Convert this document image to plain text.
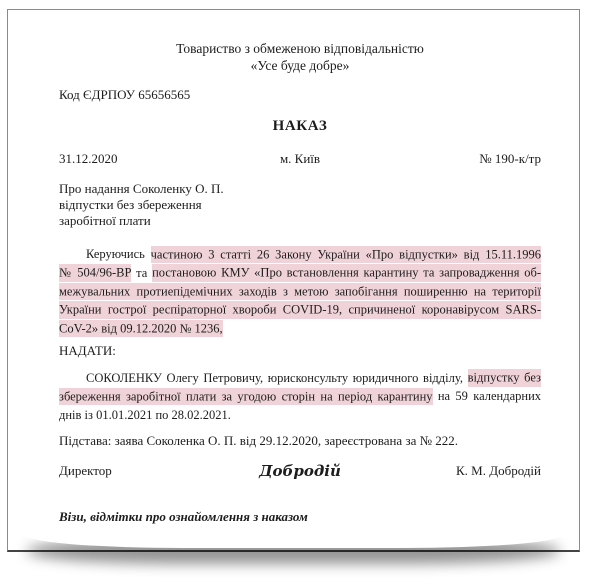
Товариство з обмеженою відповідальністю
«Усе буде добре»
Код ЄДРПОУ 65656565
НАКАЗ
31.12.2020	м. Київ	№ 190-к/тр
Про надання Соколенку О. П.
відпустки без збереження
заробітної плати
Керуючись частиною 3 статті 26 Закону України «Про відпустки» від 15.11.1996
№ 504/96-ВР та постановою КМУ «Про встановлення карантину та запровадження об-
межувальних протиепідемічних заходів з метою запобігання поширенню на території
України гострої респіраторної хвороби COVID-19, спричиненої коронавірусом SARS-
CoV-2» від 09.12.2020 № 1236,
НАДАТИ:
СОКОЛЕНКУ Олегу Петровичу, юрисконсульту юридичного відділу, відпустку без
збереження заробітної плати за угодою сторін на період карантину на 59 календарних
днів із 01.01.2021 по 28.02.2021.
Підстава: заява Соколенка О. П. від 29.12.2020, зареєстрована за № 222.
Директор	Добродій	К. М. Добродій
Візи, відмітки про ознайомлення з наказом
